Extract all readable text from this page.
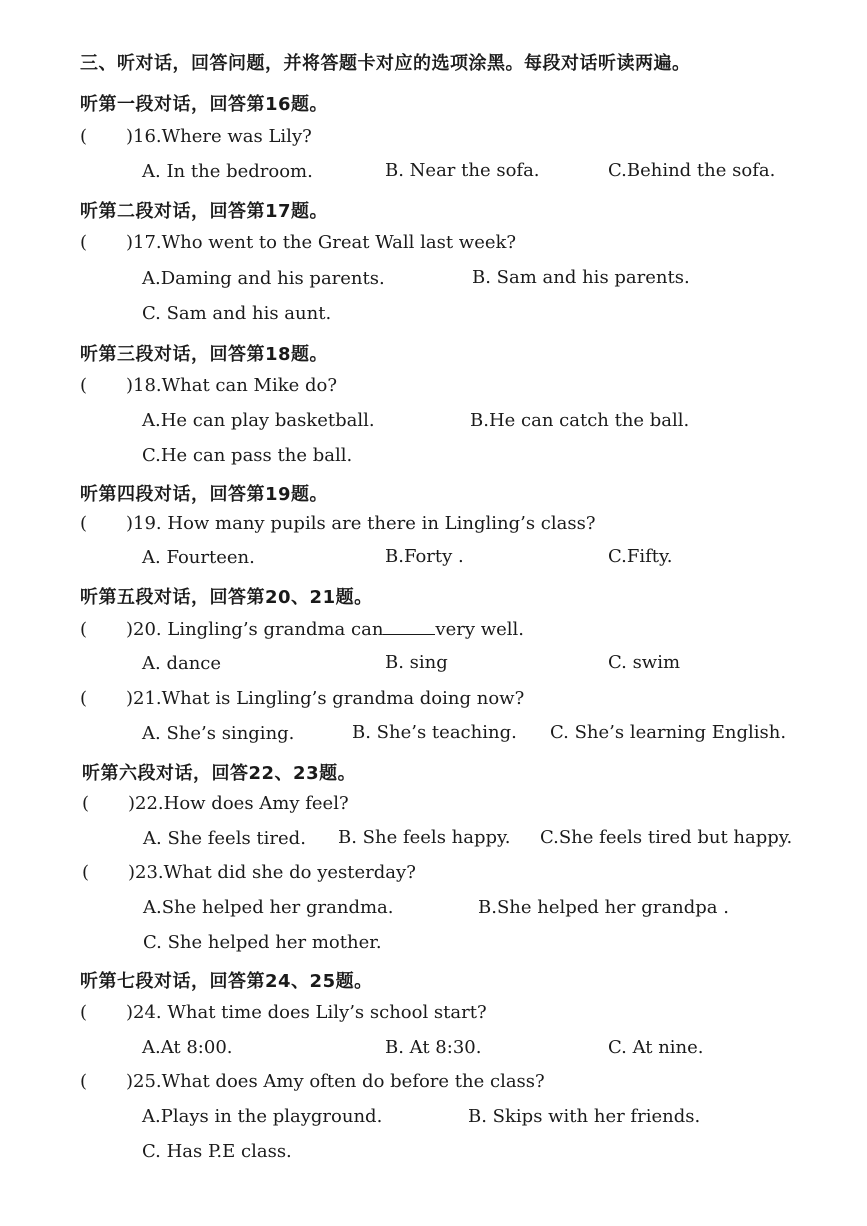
三、听对话，回答问题，并将答题卡对应的选项涂黑。每段对话听读两遍。
听第一段对话，回答第16题。
( )16.Where was Lily?
A. In the bedroom.	B. Near the sofa.	C.Behind the sofa.
听第二段对话，回答第17题。
( )17.Who went to the Great Wall last week?
A.Daming and his parents.	B. Sam and his parents.
C. Sam and his aunt.
听第三段对话，回答第18题。
( )18.What can Mike do?
A.He can play basketball.	B.He can catch the ball.
C.He can pass the ball.
听第四段对话，回答第19题。
( )19. How many pupils are there in Lingling’s class?
A. Fourteen.	B.Forty .	C.Fifty.
听第五段对话，回答第20、21题。
( )20. Lingling’s grandma can	very well.
A. dance	B. sing	C. swim
( )21.What is Lingling’s grandma doing now?
A. She’s singing.	B. She’s teaching. C. She’s learning English.
听第六段对话，回答22、23题。
( )22.How does Amy feel?
A. She feels tired. B. She feels happy. C.She feels tired but happy.
( )23.What did she do yesterday?
A.She helped her grandma.	B.She helped her grandpa .
C. She helped her mother.
听第七段对话，回答第24、25题。
( )24. What time does Lily’s school start?
A.At 8:00.	B. At 8:30.	C. At nine.
( )25.What does Amy often do before the class?
A.Plays in the playground.	B. Skips with her friends.
C. Has P.E class.
